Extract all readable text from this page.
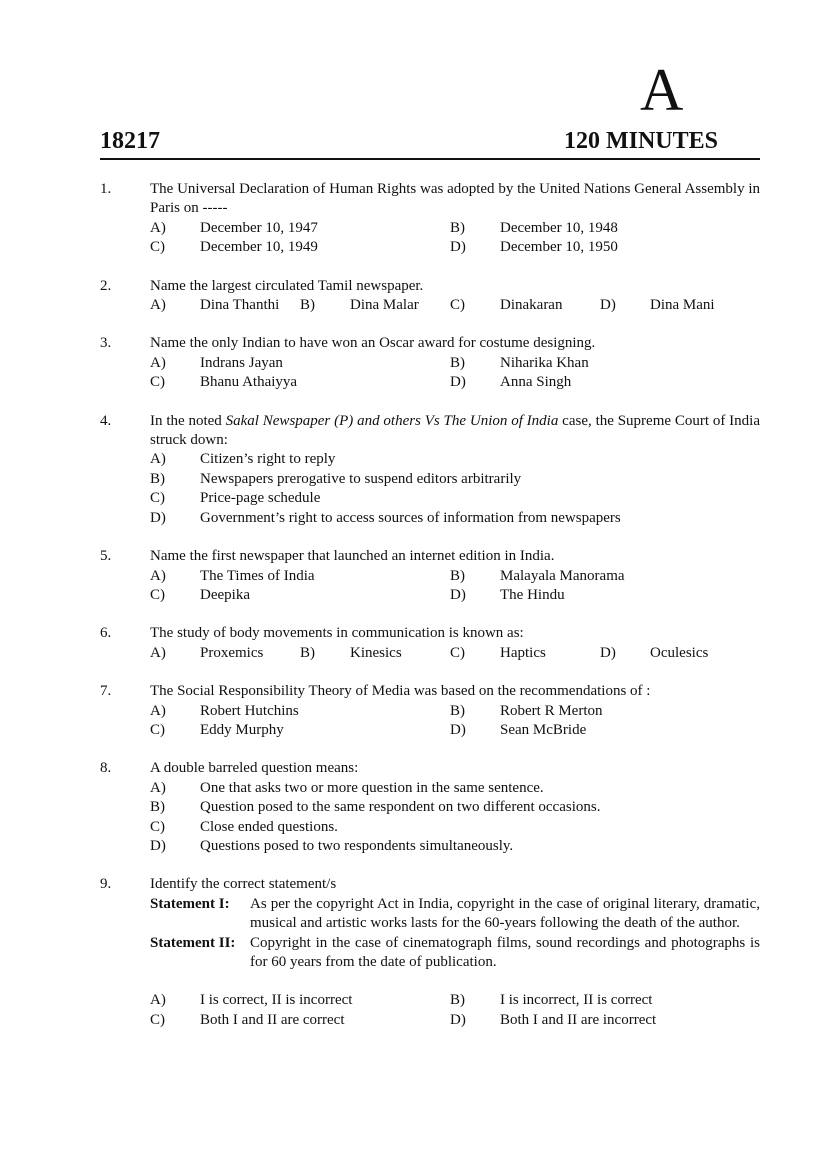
A
18217	120 MINUTES
1.	The Universal Declaration of Human Rights was adopted by the United Nations General Assembly in Paris on -----
A)	December 10, 1947	B)	December 10, 1948
C)	December 10, 1949	D)	December 10, 1950
2.	Name the largest circulated Tamil newspaper.
A)	Dina Thanthi	B)	Dina Malar	C)	Dinakaran	D)	Dina Mani
3.	Name the only Indian to have won an Oscar award for costume designing.
A)	Indrans Jayan	B)	Niharika Khan
C)	Bhanu Athaiyya	D)	Anna Singh
4.	In the noted Sakal Newspaper (P) and others Vs The Union of India case, the Supreme Court of India struck down:
A)	Citizen’s right to reply
B)	Newspapers prerogative to suspend editors arbitrarily
C)	Price-page schedule
D)	Government’s right to access sources of information from newspapers
5.	Name the first newspaper that launched an internet edition in India.
A)	The Times of India	B)	Malayala Manorama
C)	Deepika	D)	The Hindu
6.	The study of body movements in communication is known as:
A)	Proxemics	B)	Kinesics	C)	Haptics	D)	Oculesics
7.	The Social Responsibility Theory of Media was based on the recommendations of :
A)	Robert Hutchins	B)	Robert R Merton
C)	Eddy Murphy	D)	Sean McBride
8.	A double barreled question means:
A)	One that asks two or more question in the same sentence.
B)	Question posed to the same respondent on two different occasions.
C)	Close ended questions.
D)	Questions posed to two respondents simultaneously.
9.	Identify the correct statement/s
Statement I:	As per the copyright Act in India, copyright in the case of original literary, dramatic, musical and artistic works lasts for the 60-years following the death of the author.
Statement II: Copyright in the case of cinematograph films, sound recordings and photographs is for 60 years from the date of publication.
A)	I is correct, II is incorrect	B)	I is incorrect, II is correct
C)	Both I and II are correct	D)	Both I and II are incorrect
